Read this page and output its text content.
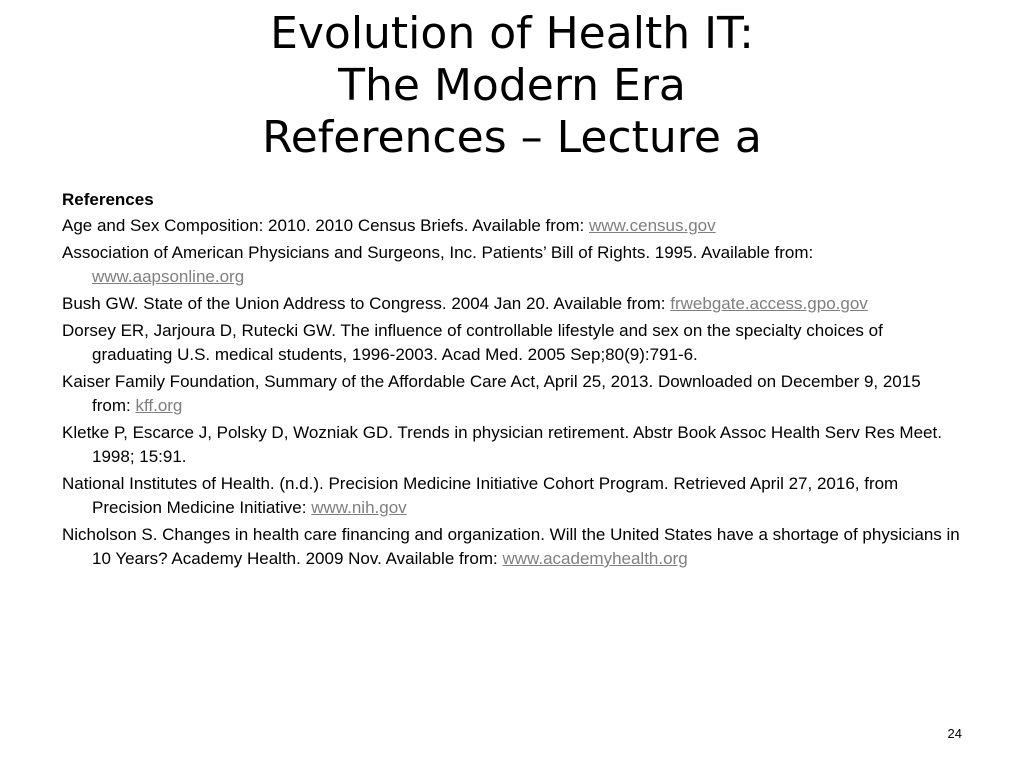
Evolution of Health IT:
The Modern Era
References – Lecture a
References
Age and Sex Composition: 2010. 2010 Census Briefs. Available from: www.census.gov
Association of American Physicians and Surgeons, Inc. Patients’ Bill of Rights. 1995. Available from: www.aapsonline.org
Bush GW. State of the Union Address to Congress. 2004 Jan 20. Available from: frwebgate.access.gpo.gov
Dorsey ER, Jarjoura D, Rutecki GW. The influence of controllable lifestyle and sex on the specialty choices of graduating U.S. medical students, 1996-2003. Acad Med. 2005 Sep;80(9):791-6.
Kaiser Family Foundation, Summary of the Affordable Care Act, April 25, 2013. Downloaded on December 9, 2015 from: kff.org
Kletke P, Escarce J, Polsky D, Wozniak GD. Trends in physician retirement. Abstr Book Assoc Health Serv Res Meet. 1998; 15:91.
National Institutes of Health. (n.d.). Precision Medicine Initiative Cohort Program. Retrieved April 27, 2016, from Precision Medicine Initiative: www.nih.gov
Nicholson S. Changes in health care financing and organization. Will the United States have a shortage of physicians in 10 Years? Academy Health. 2009 Nov. Available from: www.academyhealth.org
24
